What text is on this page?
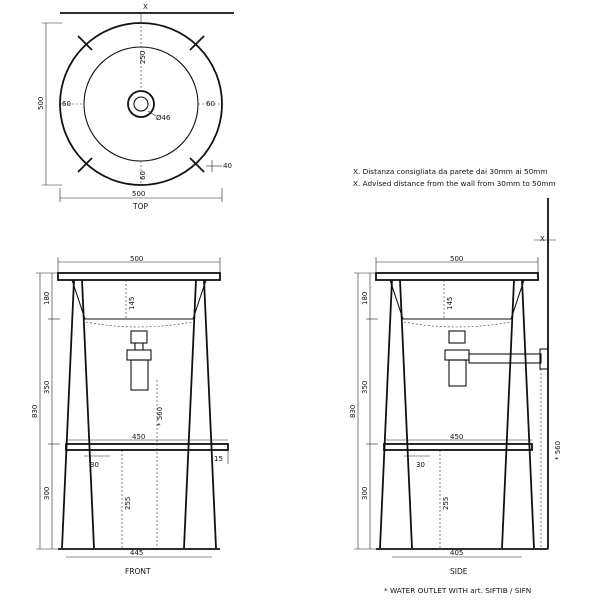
X
250
60	60
60
Ø46
40
500
500
TOP
X. Distanza consigliata da parete dai 30mm ai 50mm
X. Advised distance from the wall from 30mm to 50mm
500
450
15
30
180
350
830
300
145
* 560
255
445
FRONT
X
500
450
30
180
350
830
300
145
* 560
255
405
SIDE
* WATER OUTLET WITH art. SIFTIB / SIFN
